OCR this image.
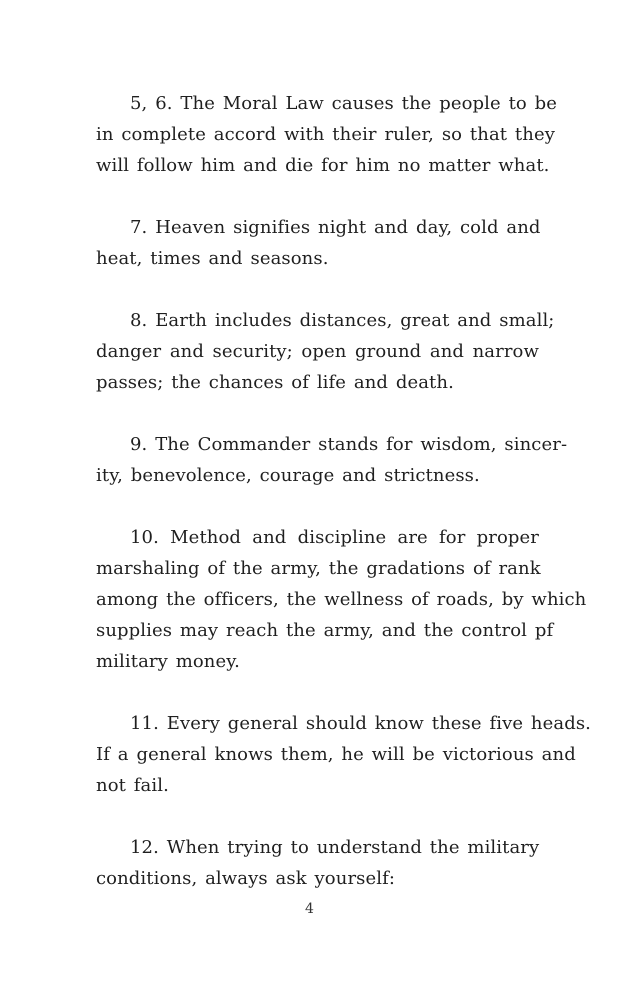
5, 6. The Moral Law causes the people to be
in complete accord with their ruler, so that they
will follow him and die for him no matter what.

7. Heaven signifies night and day, cold and
heat, times and seasons.

8. Earth includes distances, great and small;
danger and security; open ground and narrow
passes; the chances of life and death.

9. The Commander stands for wisdom, sincer-
ity, benevolence, courage and strictness.

10. Method and discipline are for proper
marshaling of the army, the gradations of rank
among the officers, the wellness of roads, by which
supplies may reach the army, and the control pf
military money.

11. Every general should know these five heads.
If a general knows them, he will be victorious and
not fail.

12. When trying to understand the military
conditions, always ask yourself:

4
